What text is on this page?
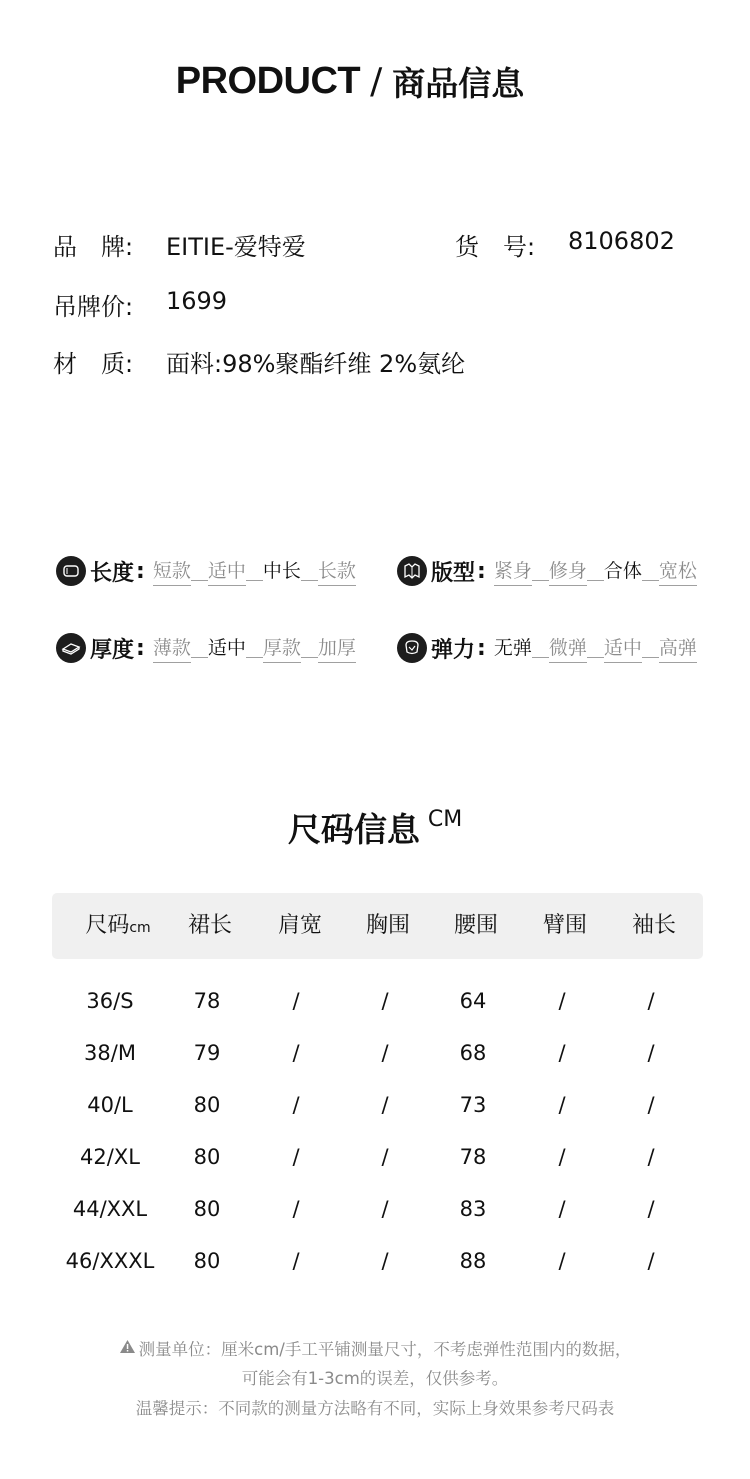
PRODUCT / 商品信息
品　牌: EITIE-爱特爱	货　号: 8106802
吊牌价: 1699
材　质: 面料:98%聚酯纤维 2%氨纶
长度 : 短款 适中 中长 长款	版型 : 紧身 修身 合体 宽松
厚度 : 薄款 适中 厚款 加厚	弹力 : 无弹 微弹 适中 高弹
尺码信息 CM
尺码cm	裙长	肩宽	胸围	腰围	臂围	袖长
36/S	78	/	/	64	/	/
38/M	79	/	/	68	/	/
40/L	80	/	/	73	/	/
42/XL	80	/	/	78	/	/
44/XXL	80	/	/	83	/	/
46/XXXL	80	/	/	88	/	/
测量单位：厘米cm/手工平铺测量尺寸，不考虑弹性范围内的数据，
可能会有1-3cm的误差，仅供参考。
温馨提示：不同款的测量方法略有不同，实际上身效果参考尺码表
